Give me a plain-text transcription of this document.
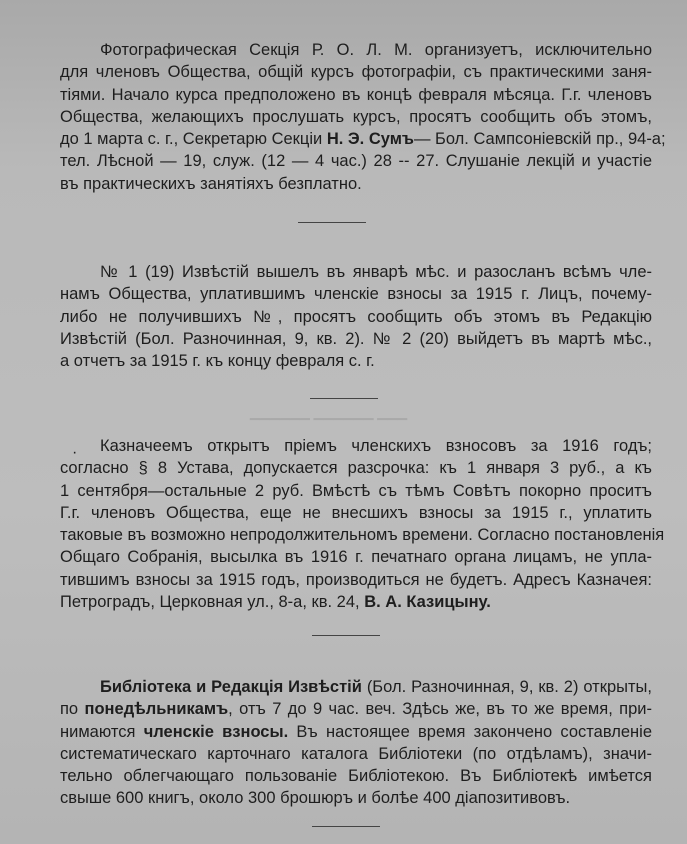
Фотографическая Секція Р. О. Л. М. организуетъ, исключительно
для членовъ Общества, общій курсъ фотографіи, съ практическими заня-
тіями. Начало курса предположено въ концѣ февраля мѣсяца. Г.г. членовъ
Общества, желающихъ прослушать курсъ, просятъ сообщить объ этомъ,
до 1 марта с. г., Секретарю Секціи Н. Э. Сумъ— Бол. Сампсоніевскій пр., 94-а;
тел. Лѣсной — 19, служ. (12 — 4 час.) 28 -- 27. Слушаніе лекцій и участіе
въ практическихъ занятіяхъ безплатно.
№ 1 (19) Извѣстій вышелъ въ январѣ мѣс. и разосланъ всѣмъ чле-
намъ Общества, уплатившимъ членскіе взносы за 1915 г. Лицъ, почему-
либо не получившихъ №, просятъ сообщить объ этомъ въ Редакцію
Извѣстій (Бол. Разночинная, 9, кв. 2). № 2 (20) выйдетъ въ мартѣ мѣс.,
а отчетъ за 1915 г. къ концу февраля с. г.
▁▁▁ ▁▁▁▁▁▁ ▁▁▁▁▁▁
·	Казначеемъ открытъ пріемъ членскихъ взносовъ за 1916 годъ;
согласно § 8 Устава, допускается разсрочка: къ 1 января 3 руб., а къ
1 сентября—остальные 2 руб. Вмѣстѣ съ тѣмъ Совѣтъ покорно проситъ
Г.г. членовъ Общества, еще не внесшихъ взносы за 1915 г., уплатить
таковые въ возможно непродолжительномъ времени. Согласно постановленія
Общаго Собранія, высылка въ 1916 г. печатнаго органа лицамъ, не упла-
тившимъ взносы за 1915 годъ, производиться не будетъ. Адресъ Казначея:
Петроградъ, Церковная ул., 8-а, кв. 24, В. А. Казицыну.
Библіотека и Редакція Извѣстій (Бол. Разночинная, 9, кв. 2) открыты,
по понедѣльникамъ, отъ 7 до 9 час. веч. Здѣсь же, въ то же время, при-
нимаются членскіе взносы. Въ настоящее время закончено составленіе
систематическаго карточнаго каталога Библіотеки (по отдѣламъ), значи-
тельно облегчающаго пользованіе Библіотекою. Въ Библіотекѣ имѣется
свыше 600 книгъ, около 300 брошюръ и болѣе 400 діапозитивовъ.
